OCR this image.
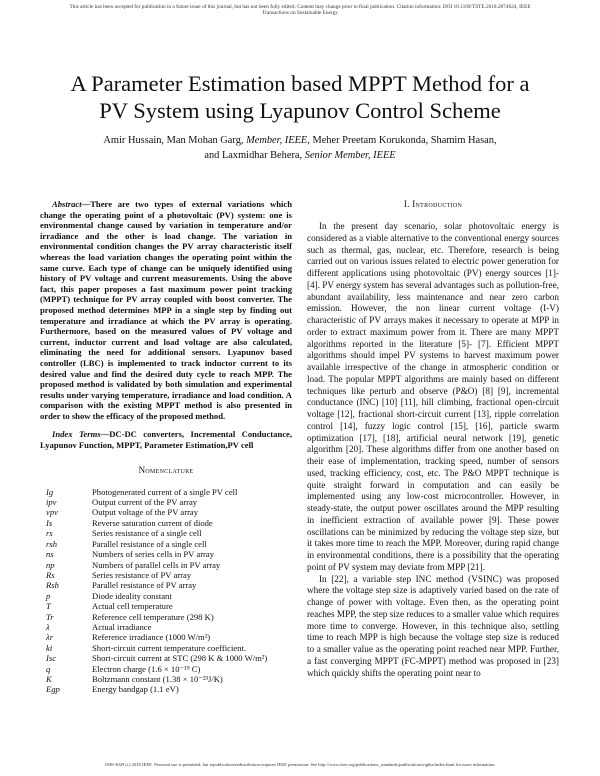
This article has been accepted for publication in a future issue of this journal, but has not been fully edited. Content may change prior to final publication. Citation information: DOI 10.1109/TSTE.2018.2874624, IEEE
Transactions on Sustainable Energy
A Parameter Estimation based MPPT Method for a
PV System using Lyapunov Control Scheme
Amir Hussain, Man Mohan Garg, Member, IEEE, Meher Preetam Korukonda, Shamim Hasan,
and Laxmidhar Behera, Senior Member, IEEE

Abstract—There are two types of external variations which change the operating point of a photovoltaic (PV) system: one is environmental change caused by variation in temperature and/or irradiance and the other is load change. The variation in environmental condition changes the PV array characteristic itself whereas the load variation changes the operating point within the same curve. Each type of change can be uniquely identified using history of PV voltage and current measurements. Using the above fact, this paper proposes a fast maximum power point tracking (MPPT) technique for PV array coupled with boost converter. The proposed method determines MPP in a single step by finding out temperature and irradiance at which the PV array is operating. Furthermore, based on the measured values of PV voltage and current, inductor current and load voltage are also calculated, eliminating the need for additional sensors. Lyapunov based controller (LBC) is implemented to track inductor current to its desired value and find the desired duty cycle to reach MPP. The proposed method is validated by both simulation and experimental results under varying temperature, irradiance and load condition. A comparison with the existing MPPT method is also presented in order to show the efficacy of the proposed method.

Index Terms—DC-DC converters, Incremental Conductance, Lyapunov Function, MPPT, Parameter Estimation,PV cell

Nomenclature
Ig	Photogenerated current of a single PV cell
ipv	Output current of the PV array
vpv	Output voltage of the PV array
Is	Reverse saturation current of diode
rs	Series resistance of a single cell
rsh	Parallel resistance of a single cell
ns	Numbers of series cells in PV array
np	Numbers of parallel cells in PV array
Rs	Series resistance of PV array
Rsh	Parallel resistance of PV array
p	Diode ideality constant
T	Actual cell temperature
Tr	Reference cell temperature (298 K)
λ	Actual irradiance
λr	Reference irradiance (1000 W/m²)
ki	Short-circuit current temperature coefficient.
Isc	Short-circuit current at STC (298 K & 1000 W/m²)
q	Electron charge (1.6 × 10⁻¹⁹ C)
K	Boltzmann constant (1.38 × 10⁻²³J/K)
Egp	Energy bandgap (1.1 eV)
I. Introduction

In the present day scenario, solar photovoltaic energy is considered as a viable alternative to the conventional energy sources such as thermal, gas, nuclear, etc. Therefore, research is being carried out on various issues related to electric power generation for different applications using photovoltaic (PV) energy sources [1]- [4]. PV energy system has several advantages such as pollution-free, abundant availability, less maintenance and near zero carbon emission. However, the non linear current voltage (I-V) characteristic of PV arrays makes it necessary to operate at MPP in order to extract maximum power from it. There are many MPPT algorithms reported in the literature [5]- [7]. Efficient MPPT algorithms should impel PV systems to harvest maximum power available irrespective of the change in atmospheric condition or load. The popular MPPT algorithms are mainly based on different techniques like perturb and observe (P&O) [8] [9], incremental conductance (INC) [10] [11], hill climbing, fractional open-circuit voltage [12], fractional short-circuit current [13], ripple correlation control [14], fuzzy logic control [15], [16], particle swarm optimization [17], [18], artificial neural network [19], genetic algorithm [20]. These algorithms differ from one another based on their ease of implementation, tracking speed, number of sensors used, tracking efficiency, cost, etc. The P&O MPPT technique is quite straight forward in computation and can easily be implemented using any low-cost microcontroller. However, in steady-state, the output power oscillates around the MPP resulting in inefficient extraction of available power [9]. These power oscillations can be minimized by reducing the voltage step size, but it takes more time to reach the MPP. Moreover, during rapid change in environmental conditions, there is a possibility that the operating point of PV system may deviate from MPP [21].

In [22], a variable step INC method (VSINC) was proposed where the voltage step size is adaptively varied based on the rate of change of power with voltage. Even then, as the operating point reaches MPP, the step size reduces to a smaller value which requires more time to converge. However, in this technique also, settling time to reach MPP is high because the voltage step size is reduced to a smaller value as the operating point reached near MPP. Further, a fast converging MPPT (FC-MPPT) method was proposed in [23] which quickly shifts the operating point near to

1949-3029 (c) 2018 IEEE. Personal use is permitted, but republication/redistribution requires IEEE permission. See http://www.ieee.org/publications_standards/publications/rights/index.html for more information.
